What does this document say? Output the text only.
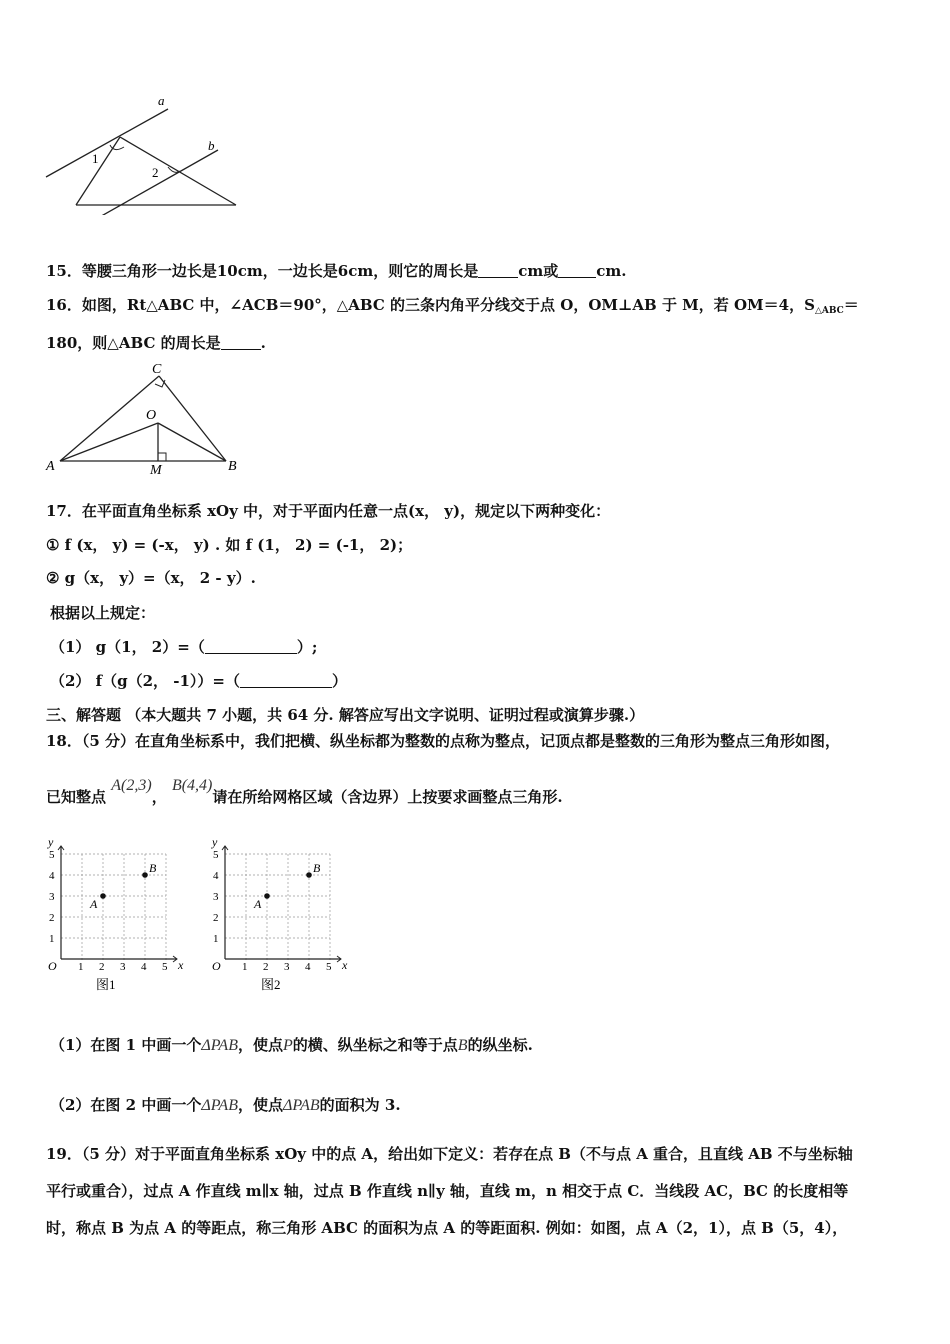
a
b
1
2
15．等腰三角形一边长是10cm，一边长是6cm，则它的周长是	cm或	cm.
16．如图，Rt△ABC 中，∠ACB＝90°，△ABC 的三条内角平分线交于点 O，OM⊥AB 于 M，若 OM＝4，$S_{\triangle ABC}=$
180，则△ABC 的周长是	.
C
O
A	M	B
17．在平面直角坐标系 xOy 中，对于平面内任意一点(x， y)，规定以下两种变化：
① f (x， y) = (-x， y) . 如 f (1， 2) = (-1， 2)；
② g（x， y）=（x， 2 - y）.
根据以上规定：
（1） g（1， 2）=（	）;
（2） f（g（2， -1））=（	）
三、解答题 （本大题共 7 小题，共 64 分. 解答应写出文字说明、证明过程或演算步骤.）
18．（5 分）在直角坐标系中，我们把横、纵坐标都为整数的点称为整点，记顶点都是整数的三角形为整点三角形如图，
已知整点 A(2,3)， B(4,4)请在所给网格区域（含边界）上按要求画整点三角形.
y
x
O 1 2 3 4 5
1
2
3
4
5
A
B
图1
y
x
O 1 2 3 4 5
1
2
3
4
5
A
B
图2
（1）在图 1 中画一个ΔPAB，使点P的横、纵坐标之和等于点B的纵坐标.
（2）在图 2 中画一个ΔPAB，使点ΔPAB的面积为 3.
19．（5 分）对于平面直角坐标系 xOy 中的点 A，给出如下定义：若存在点 B（不与点 A 重合，且直线 AB 不与坐标轴
平行或重合），过点 A 作直线 m∥x 轴，过点 B 作直线 n∥y 轴，直线 m，n 相交于点 C．当线段 AC，BC 的长度相等
时，称点 B 为点 A 的等距点，称三角形 ABC 的面积为点 A 的等距面积. 例如：如图，点 A（2，1），点 B（5，4），
